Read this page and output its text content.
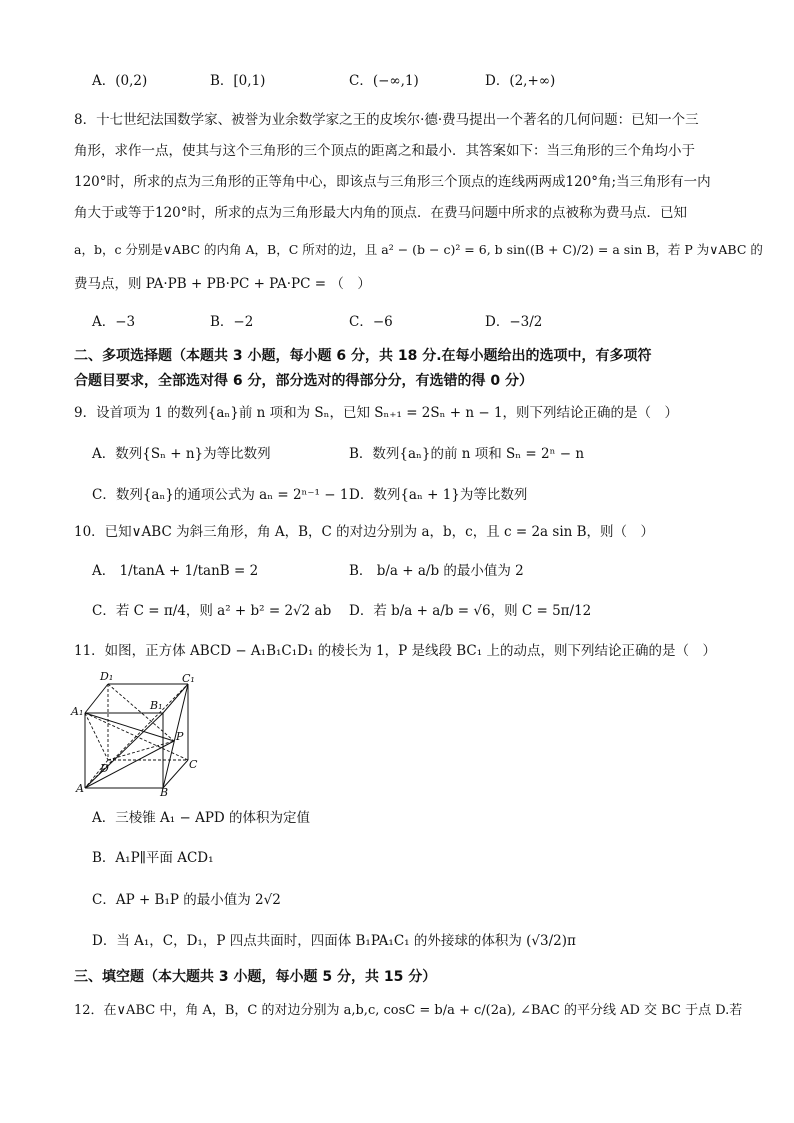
A．(0,2)	B．[0,1)	C．(−∞,1)	D．(2,+∞)
8．十七世纪法国数学家、被誉为业余数学家之王的皮埃尔·德·费马提出一个著名的几何问题：已知一个三
角形，求作一点，使其与这个三角形的三个顶点的距离之和最小．其答案如下：当三角形的三个角均小于
120°时，所求的点为三角形的正等角中心，即该点与三角形三个顶点的连线两两成120°角;当三角形有一内
角大于或等于120°时，所求的点为三角形最大内角的顶点．在费马问题中所求的点被称为费马点．已知
a，b，c 分别是∨ABC 的内角 A，B，C 所对的边，且 a² − (b − c)² = 6, b sin((B + C)/2) = a sin B，若 P 为∨ABC 的
费马点，则 PA·PB + PB·PC + PA·PC = （　）
A．−3	B．−2	C．−6	D．−3/2
二、多项选择题（本题共 3 小题，每小题 6 分，共 18 分.在每小题给出的选项中，有多项符
合题目要求，全部选对得 6 分，部分选对的得部分分，有选错的得 0 分）
9．设首项为 1 的数列{aₙ}前 n 项和为 Sₙ，已知 Sₙ₊₁ = 2Sₙ + n − 1，则下列结论正确的是（　）
A．数列{Sₙ + n}为等比数列	B．数列{aₙ}的前 n 项和 Sₙ = 2ⁿ − n
C．数列{aₙ}的通项公式为 aₙ = 2ⁿ⁻¹ − 1 D．数列{aₙ + 1}为等比数列
10．已知∨ABC 为斜三角形，角 A，B，C 的对边分别为 a，b，c，且 c = 2a sin B，则（　）
A． 1/tanA + 1/tanB = 2	B． b/a + a/b 的最小值为 2
C．若 C = π/4，则 a² + b² = 2√2 ab D．若 b/a + a/b = √6，则 C = 5π/12
11．如图，正方体 ABCD − A₁B₁C₁D₁ 的棱长为 1，P 是线段 BC₁ 上的动点，则下列结论正确的是（　）
D₁	C₁
A₁	B₁
P
D	C
A	B
A．三棱锥 A₁ − APD 的体积为定值
B．A₁P∥平面 ACD₁
C．AP + B₁P 的最小值为 2√2
D．当 A₁，C，D₁，P 四点共面时，四面体 B₁PA₁C₁ 的外接球的体积为 (√3/2)π
三、填空题（本大题共 3 小题，每小题 5 分，共 15 分）
12．在∨ABC 中，角 A，B，C 的对边分别为 a,b,c, cosC = b/a + c/(2a), ∠BAC 的平分线 AD 交 BC 于点 D.若
